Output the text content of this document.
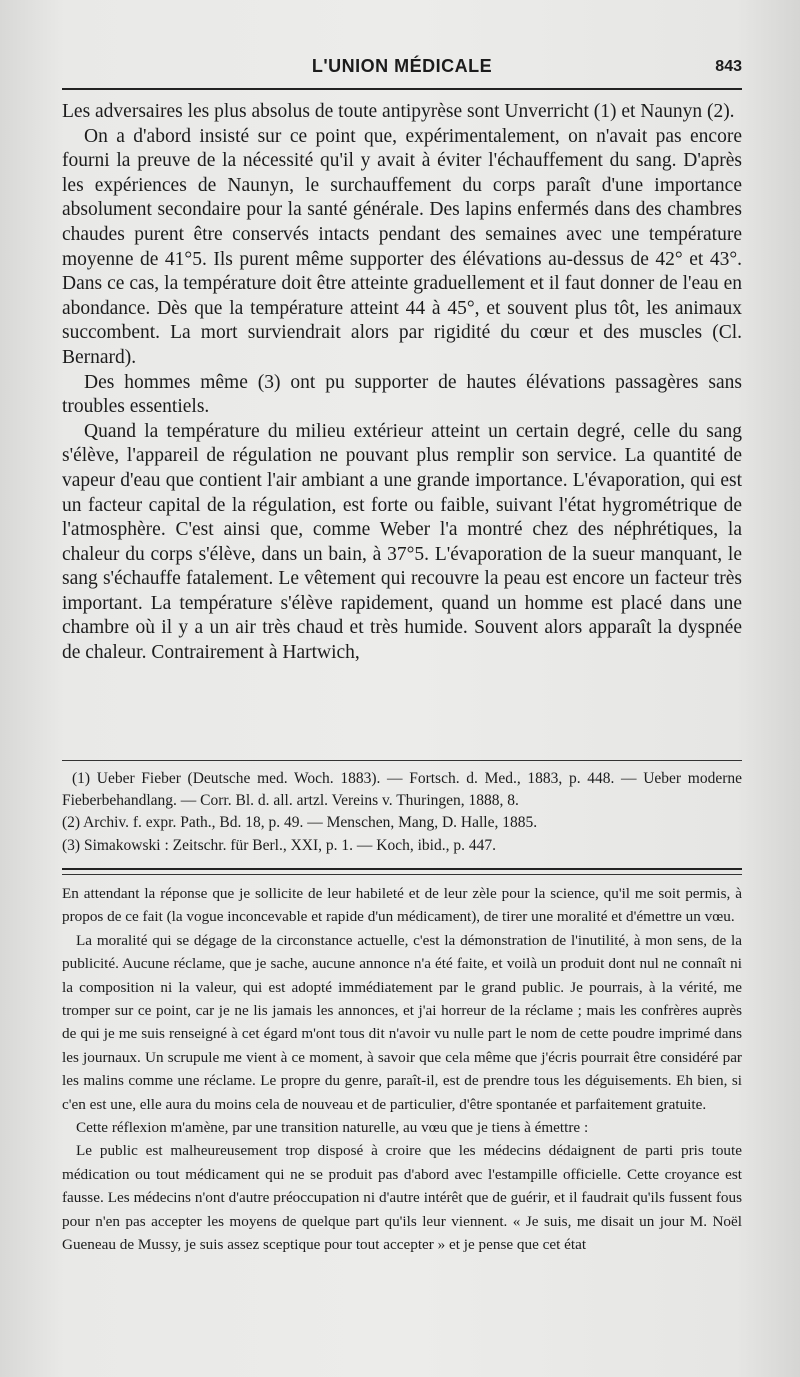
L'UNION MÉDICALE	843

Les adversaires les plus absolus de toute antipyrèse sont Unverricht (1) et Naunyn (2).

On a d'abord insisté sur ce point que, expérimentalement, on n'avait pas encore fourni la preuve de la nécessité qu'il y avait à éviter l'échauffement du sang. D'après les expériences de Naunyn, le surchauffement du corps paraît d'une importance absolument secondaire pour la santé générale. Des lapins enfermés dans des chambres chaudes purent être conservés intacts pendant des semaines avec une température moyenne de 41°5. Ils purent même supporter des élévations au-dessus de 42° et 43°. Dans ce cas, la température doit être atteinte graduellement et il faut donner de l'eau en abondance. Dès que la température atteint 44 à 45°, et souvent plus tôt, les animaux succombent. La mort surviendrait alors par rigidité du cœur et des muscles (Cl. Bernard).

Des hommes même (3) ont pu supporter de hautes élévations passagères sans troubles essentiels.

Quand la température du milieu extérieur atteint un certain degré, celle du sang s'élève, l'appareil de régulation ne pouvant plus remplir son service. La quantité de vapeur d'eau que contient l'air ambiant a une grande importance. L'évaporation, qui est un facteur capital de la régulation, est forte ou faible, suivant l'état hygrométrique de l'atmosphère. C'est ainsi que, comme Weber l'a montré chez des néphrétiques, la chaleur du corps s'élève, dans un bain, à 37°5. L'évaporation de la sueur manquant, le sang s'échauffe fatalement. Le vêtement qui recouvre la peau est encore un facteur très important. La température s'élève rapidement, quand un homme est placé dans une chambre où il y a un air très chaud et très humide. Souvent alors apparaît la dyspnée de chaleur. Contrairement à Hartwich,

(1) Ueber Fieber (Deutsche med. Woch. 1883). — Fortsch. d. Med., 1883, p. 448. — Ueber moderne Fieberbehandlang. — Corr. Bl. d. all. artzl. Vereins v. Thuringen, 1888, 8.

(2) Archiv. f. expr. Path., Bd. 18, p. 49. — Menschen, Mang, D. Halle, 1885.

(3) Simakowski : Zeitschr. für Berl., XXI, p. 1. — Koch, ibid., p. 447.

En attendant la réponse que je sollicite de leur habileté et de leur zèle pour la science, qu'il me soit permis, à propos de ce fait (la vogue inconcevable et rapide d'un médicament), de tirer une moralité et d'émettre un vœu.

La moralité qui se dégage de la circonstance actuelle, c'est la démonstration de l'inutilité, à mon sens, de la publicité. Aucune réclame, que je sache, aucune annonce n'a été faite, et voilà un produit dont nul ne connaît ni la composition ni la valeur, qui est adopté immédiatement par le grand public. Je pourrais, à la vérité, me tromper sur ce point, car je ne lis jamais les annonces, et j'ai horreur de la réclame ; mais les confrères auprès de qui je me suis renseigné à cet égard m'ont tous dit n'avoir vu nulle part le nom de cette poudre imprimé dans les journaux. Un scrupule me vient à ce moment, à savoir que cela même que j'écris pourrait être considéré par les malins comme une réclame. Le propre du genre, paraît-il, est de prendre tous les déguisements. Eh bien, si c'en est une, elle aura du moins cela de nouveau et de particulier, d'être spontanée et parfaitement gratuite.

Cette réflexion m'amène, par une transition naturelle, au vœu que je tiens à émettre :

Le public est malheureusement trop disposé à croire que les médecins dédaignent de parti pris toute médication ou tout médicament qui ne se produit pas d'abord avec l'estampille officielle. Cette croyance est fausse. Les médecins n'ont d'autre préoccupation ni d'autre intérêt que de guérir, et il faudrait qu'ils fussent fous pour n'en pas accepter les moyens de quelque part qu'ils leur viennent. « Je suis, me disait un jour M. Noël Gueneau de Mussy, je suis assez sceptique pour tout accepter » et je pense que cet état
